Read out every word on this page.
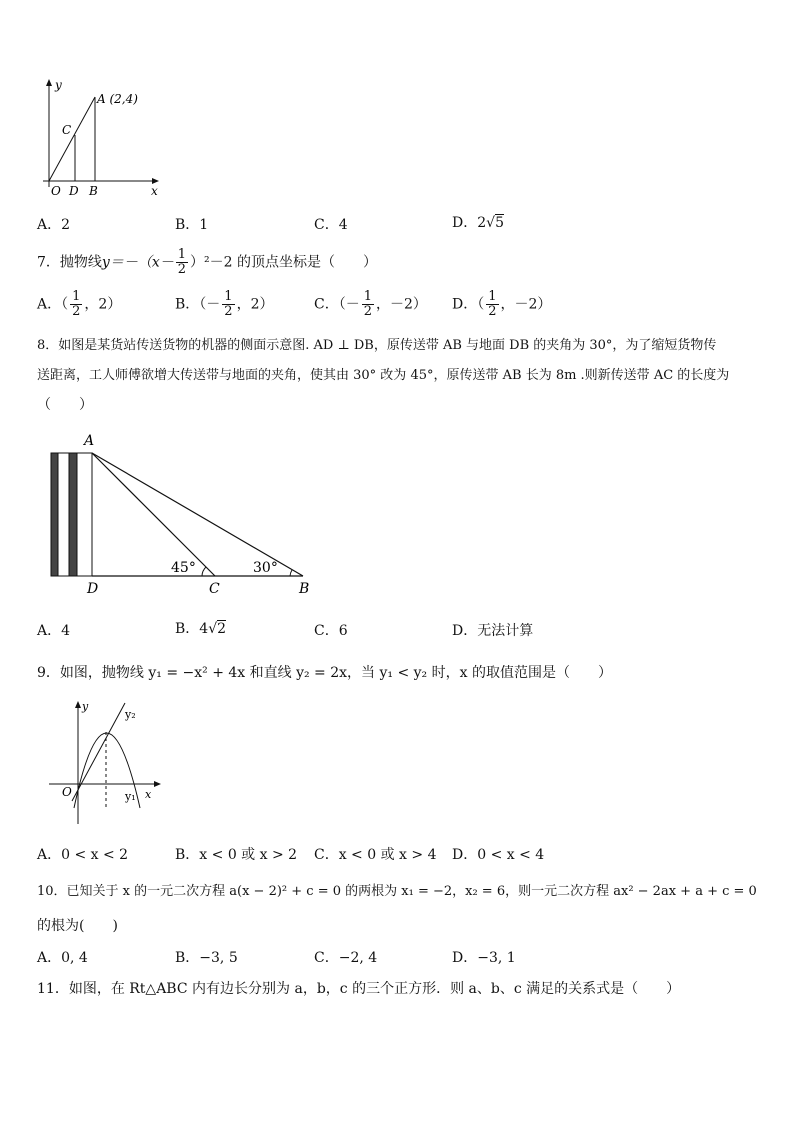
y
A (2,4)
C
O D B	x
A．2	B．1	C．4	D．2√5
7．抛物线$y=-(x- \frac{1}{2} )^2-2$ 的顶点坐标是（　　）
A．（ $\frac{1}{2}$ ，2）	B．（－ $\frac{1}{2}$ ，2）	C．（－ $\frac{1}{2}$ ，－2） D．（ $\frac{1}{2}$ ，－2）
8．如图是某货站传送货物的机器的侧面示意图. AD ⊥ DB，原传送带 AB 与地面 DB 的夹角为 30°，为了缩短货物传
送距离，工人师傅欲增大传送带与地面的夹角，使其由 30° 改为 45°，原传送带 AB 长为 8m .则新传送带 AC 的长度为
（　　）
A
D	C	B
45°	30°
A．4	B．4√2	C．6	D．无法计算
9．如图，抛物线 y₁ = −x² + 4x 和直线 y₂ = 2x，当 y₁ < y₂ 时，x 的取值范围是（　　）
y
y₂
O	y₁ x
A．0 < x < 2	B．x < 0 或 x > 2 C．x < 0 或 x > 4 D．0 < x < 4
10．已知关于 x 的一元二次方程 a(x − 2)² + c = 0 的两根为 x₁ = −2，x₂ = 6，则一元二次方程 ax² − 2ax + a + c = 0
的根为(　　)
A．0, 4	B．−3, 5	C．−2, 4	D．−3, 1
11．如图，在 Rt△ABC 内有边长分别为 a，b，c 的三个正方形．则 a、b、c 满足的关系式是（　　）
